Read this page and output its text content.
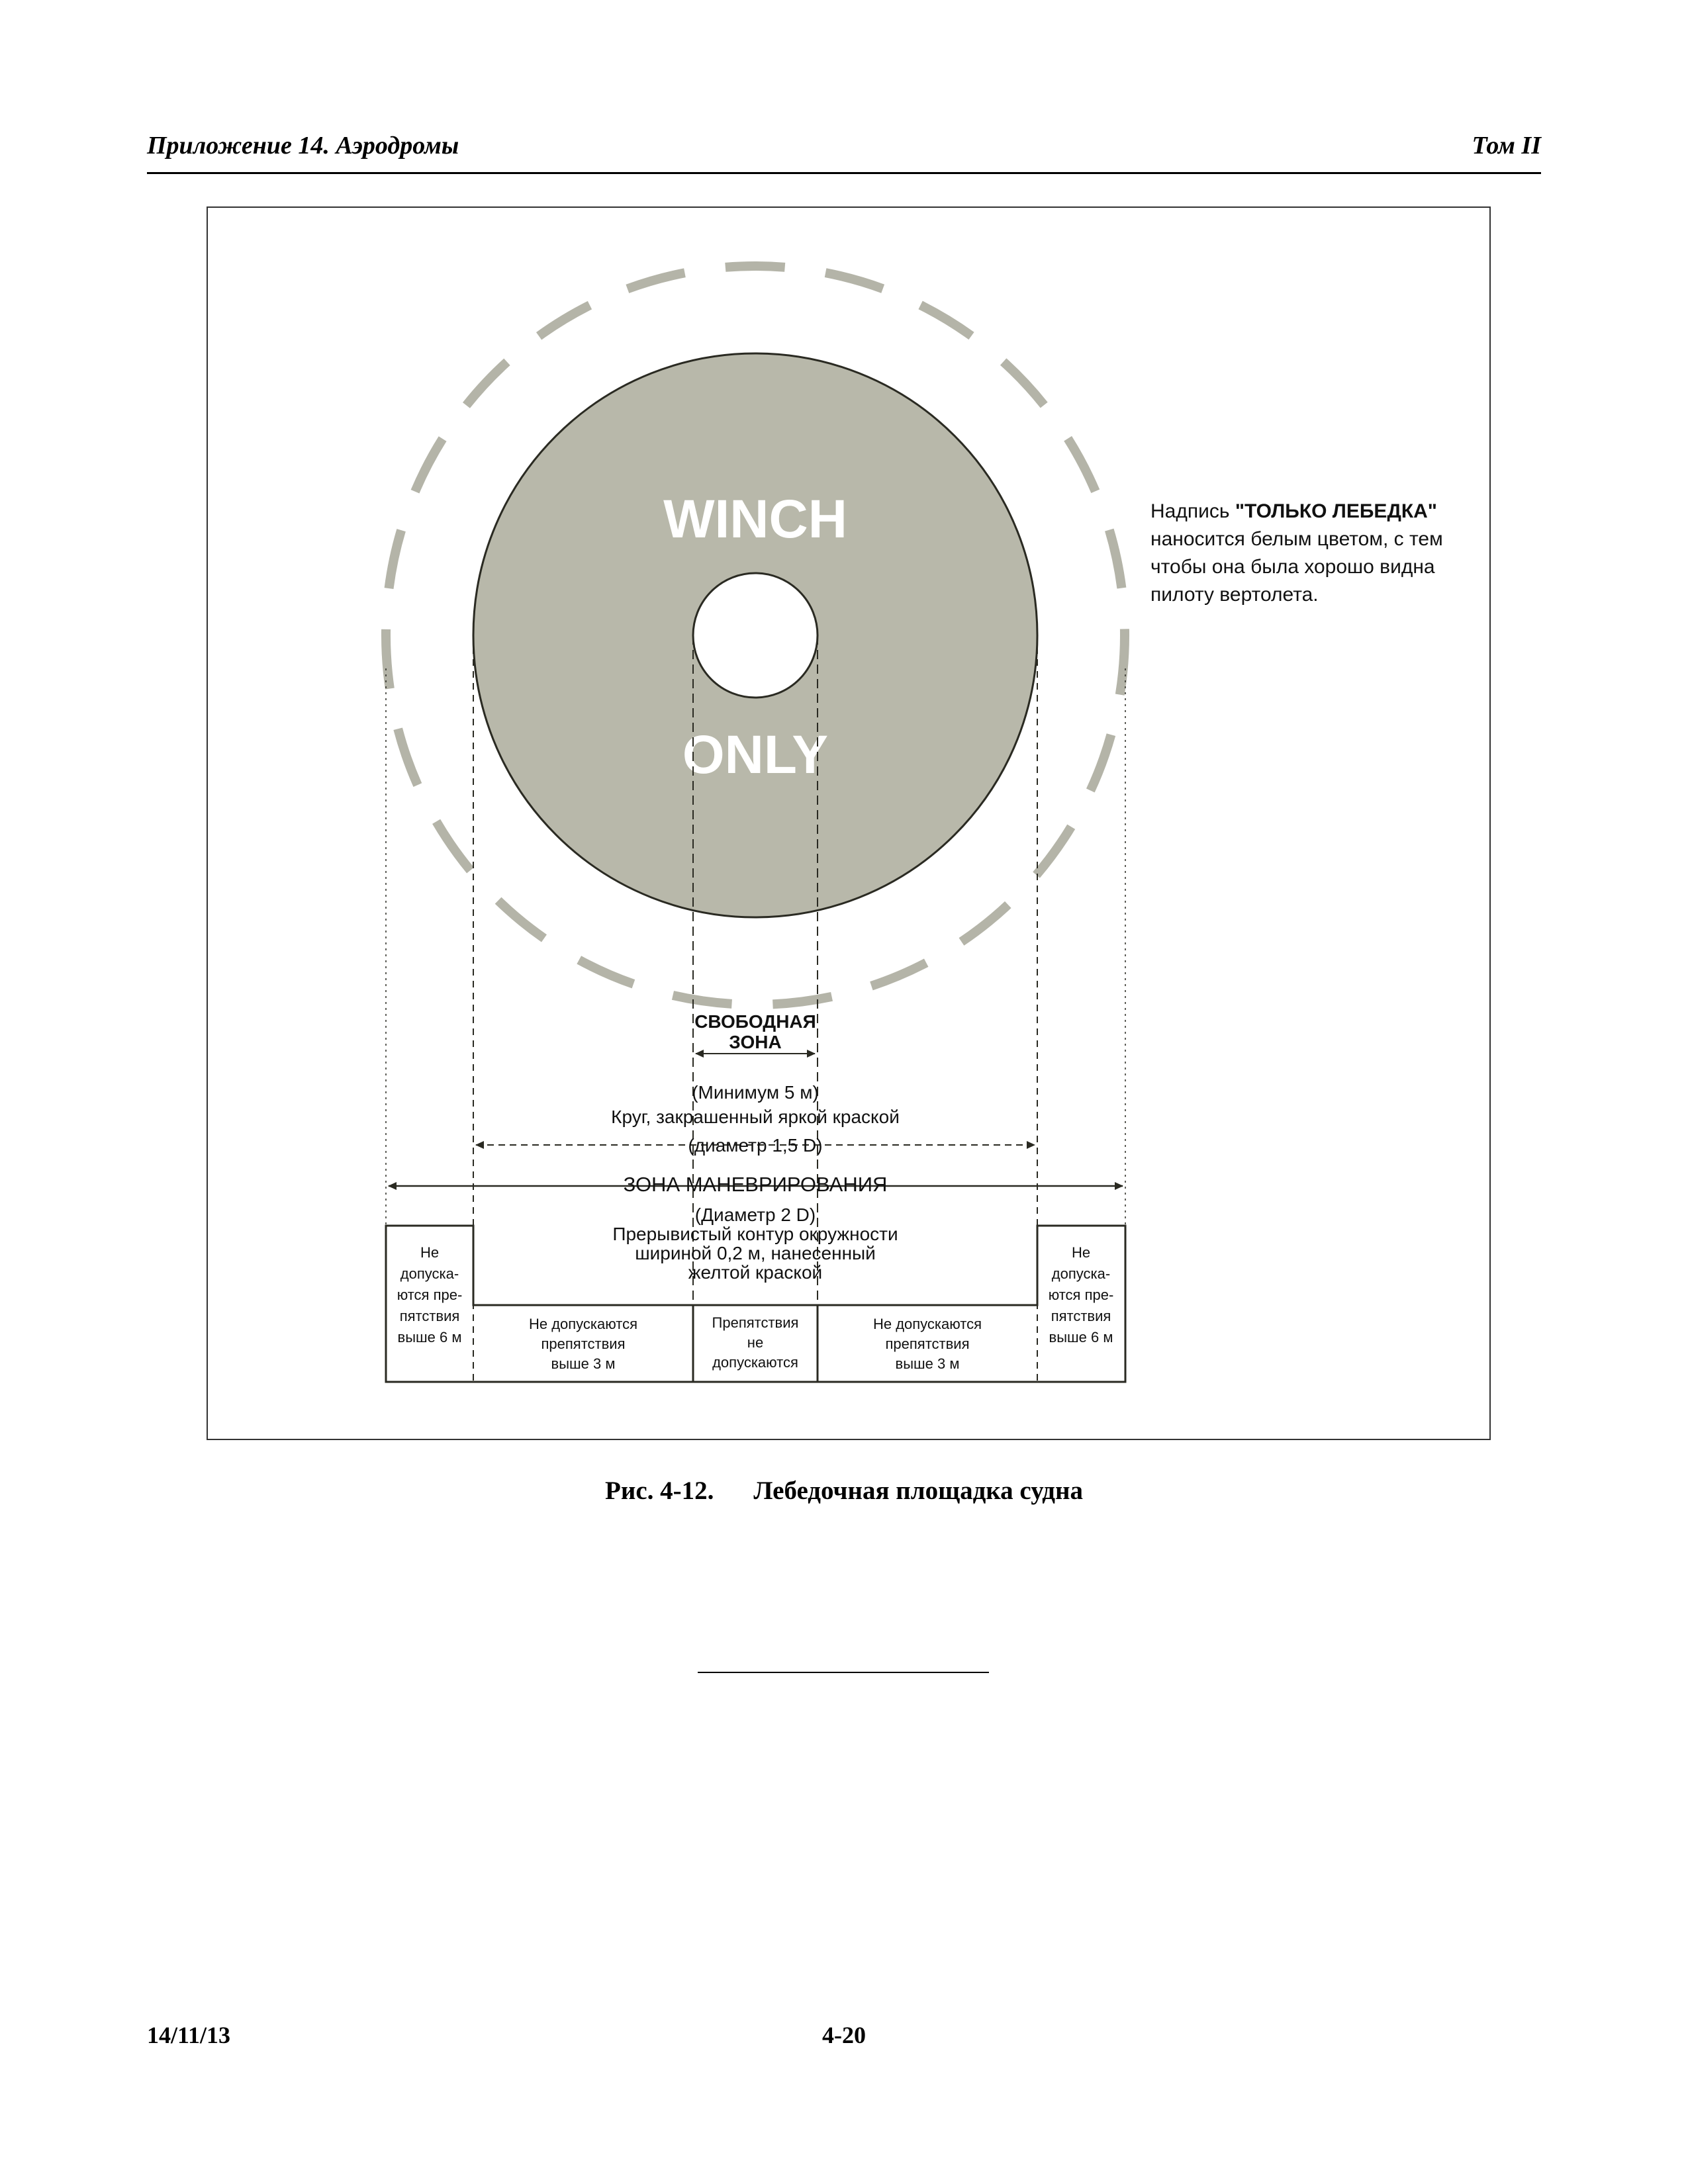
Приложение 14. Аэродромы	Том II
WINCH
ONLY
СВОБОДНАЯ
ЗОНА
(Минимум 5 м)
Круг, закрашенный яркой краской
(диаметр 1,5 D)
ЗОНА МАНЕВРИРОВАНИЯ
(Диаметр 2 D)
Прерывистый контур окружности
шириной 0,2 м, нанесенный
желтой краской
Не
допуска-
ются пре-
пятствия
выше 6 м
Не
допуска-
ются пре-
пятствия
выше 6 м
Не допускаются
препятствия
выше 3 м
Не допускаются
препятствия
выше 3 м
Препятствия
не
допускаются
Надпись "ТОЛЬКО ЛЕБЕДКА" наносится белым цветом, с тем чтобы она была хорошо видна пилоту вертолета.
Рис. 4-12. Лебедочная площадка судна
14/11/13	4-20
